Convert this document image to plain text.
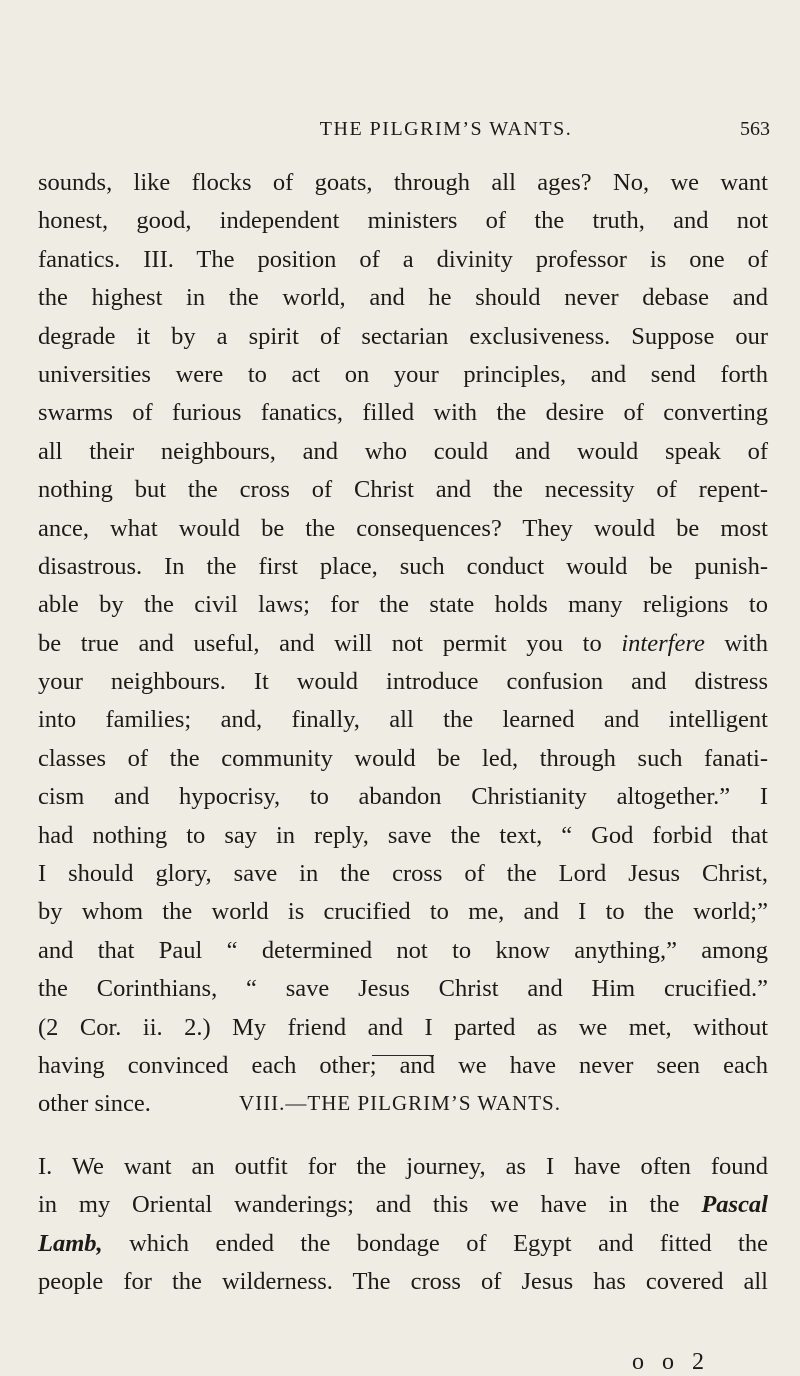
THE PILGRIM’S WANTS.	563
sounds, like flocks of goats, through all ages? No, we want
honest, good, independent ministers of the truth, and not
fanatics. III. The position of a divinity professor is one of
the highest in the world, and he should never debase and
degrade it by a spirit of sectarian exclusiveness. Suppose our
universities were to act on your principles, and send forth
swarms of furious fanatics, filled with the desire of converting
all their neighbours, and who could and would speak of
nothing but the cross of Christ and the necessity of repent-
ance, what would be the consequences? They would be most
disastrous. In the first place, such conduct would be punish-
able by the civil laws; for the state holds many religions to
be true and useful, and will not permit you to interfere with
your neighbours. It would introduce confusion and distress
into families; and, finally, all the learned and intelligent
classes of the community would be led, through such fanati-
cism and hypocrisy, to abandon Christianity altogether.” I
had nothing to say in reply, save the text, “ God forbid that
I should glory, save in the cross of the Lord Jesus Christ,
by whom the world is crucified to me, and I to the world;”
and that Paul “ determined not to know anything,” among
the Corinthians, “ save Jesus Christ and Him crucified.”
(2 Cor. ii. 2.) My friend and I parted as we met, without
having convinced each other; and we have never seen each
other since.	VIII.—THE PILGRIM’S WANTS.
I. We want an outfit for the journey, as I have often found
in my Oriental wanderings; and this we have in the Pascal
Lamb, which ended the bondage of Egypt and fitted the
people for the wilderness. The cross of Jesus has covered all
o o 2
